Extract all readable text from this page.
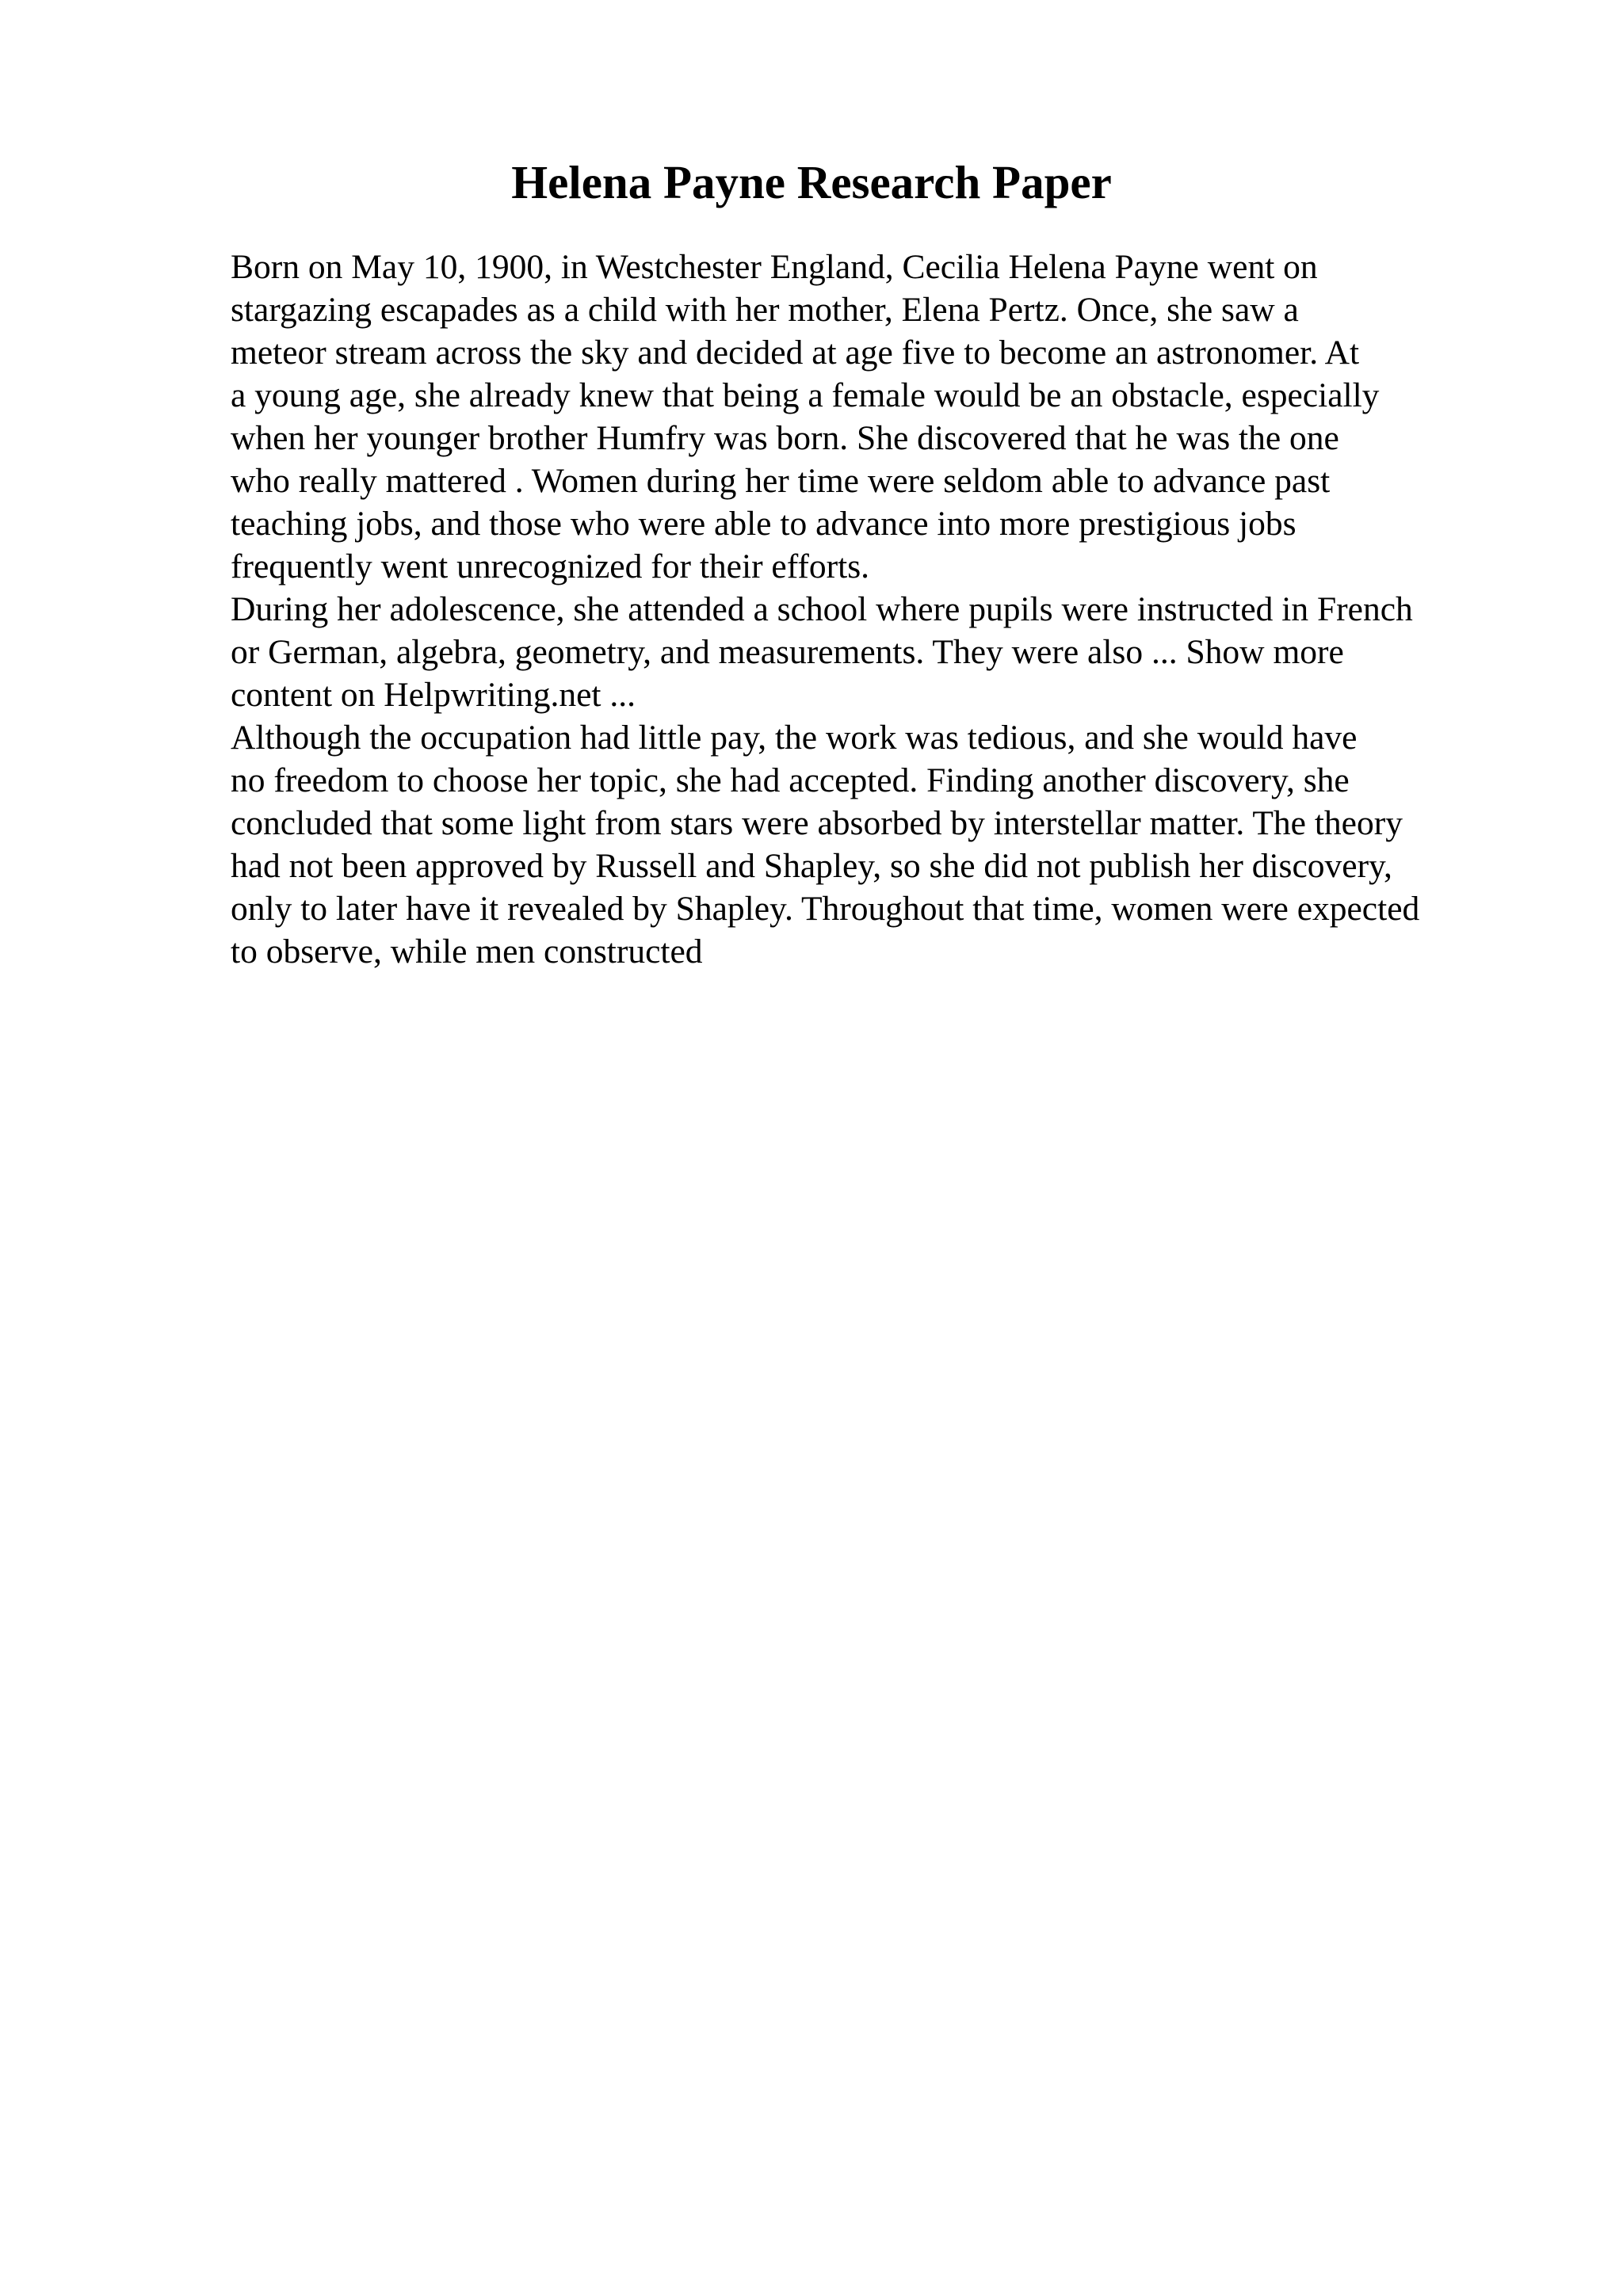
Helena Payne Research Paper
Born on May 10, 1900, in Westchester England, Cecilia Helena Payne went on
stargazing escapades as a child with her mother, Elena Pertz. Once, she saw a
meteor stream across the sky and decided at age five to become an astronomer. At
a young age, she already knew that being a female would be an obstacle, especially
when her younger brother Humfry was born. She discovered that he was the one
who really mattered . Women during her time were seldom able to advance past
teaching jobs, and those who were able to advance into more prestigious jobs
frequently went unrecognized for their efforts.
During her adolescence, she attended a school where pupils were instructed in French
or German, algebra, geometry, and measurements. They were also ... Show more
content on Helpwriting.net ...
Although the occupation had little pay, the work was tedious, and she would have
no freedom to choose her topic, she had accepted. Finding another discovery, she
concluded that some light from stars were absorbed by interstellar matter. The theory
had not been approved by Russell and Shapley, so she did not publish her discovery,
only to later have it revealed by Shapley. Throughout that time, women were expected
to observe, while men constructed
